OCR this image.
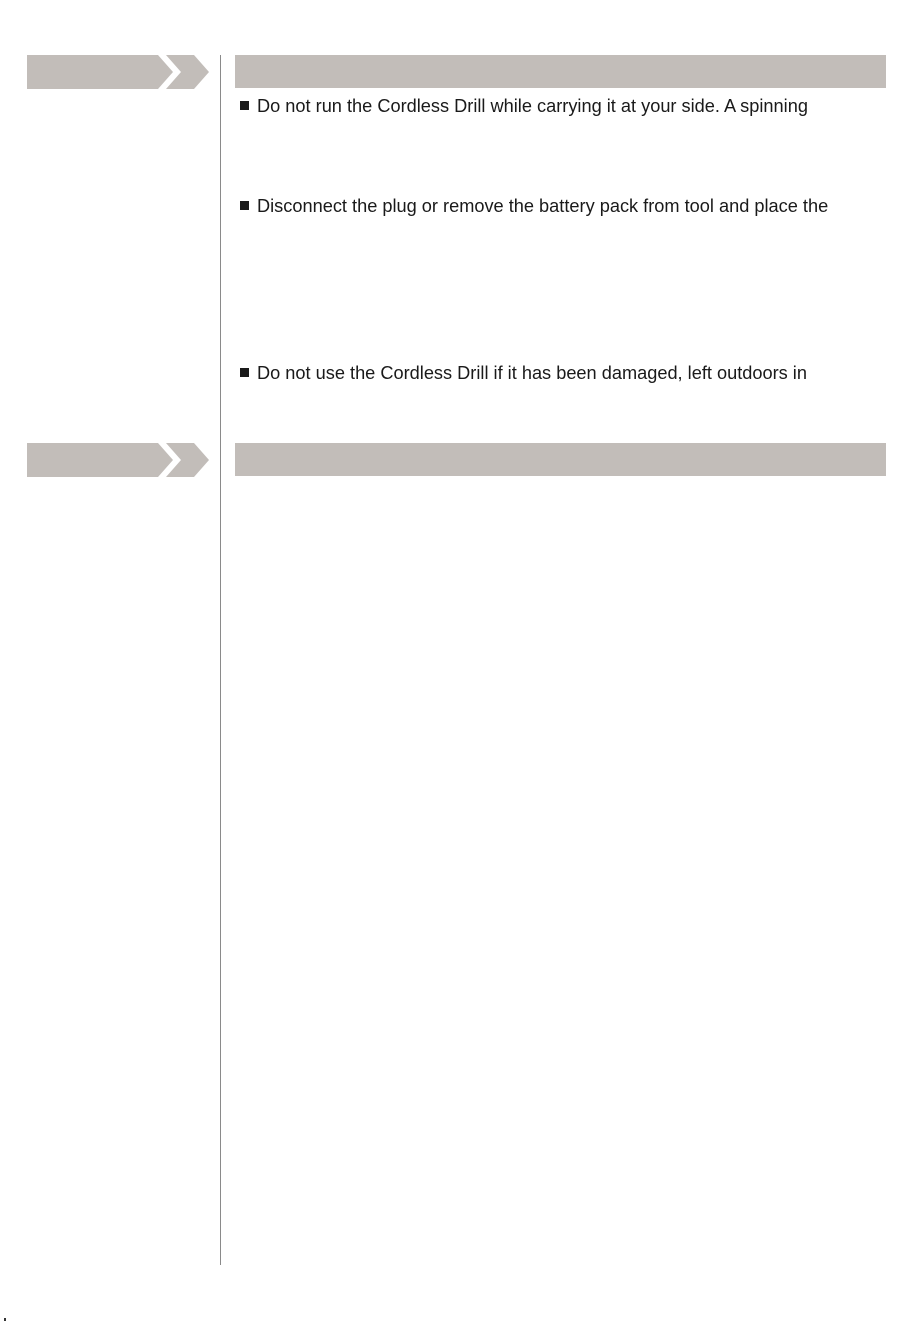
Do not run the Cordless Drill while carrying it at your side. A spinning
Disconnect the plug or remove the battery pack from tool and place the
Do not use the Cordless Drill if it has been damaged, left outdoors in
